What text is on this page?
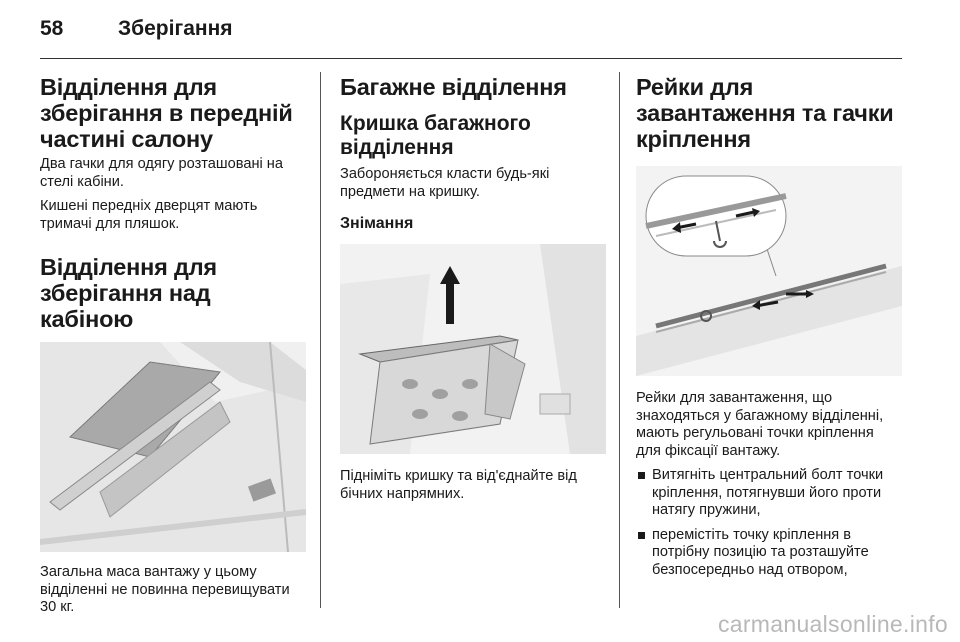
58	Зберігання
Відділення для зберігання в передній частині салону

Два гачки для одягу розташовані на стелі кабіни.

Кишені передніх дверцят мають тримачі для пляшок.

Відділення для зберігання над кабіною

Загальна маса вантажу у цьому відділенні не повинна перевищувати 30 кг.

Багажне відділення
Кришка багажного відділення

Забороняється класти будь-які предмети на кришку.

Знімання

Підніміть кришку та від'єднайте від бічних напрямних.

Рейки для завантаження та гачки кріплення

Рейки для завантаження, що знаходяться у багажному відділенні, мають регульовані точки кріплення для фіксації вантажу.

Витягніть центральний болт точки кріплення, потягнувши його проти натягу пружини,
перемістіть точку кріплення в потрібну позицію та розташуйте безпосередньо над отвором,
carmanualsonline.info
